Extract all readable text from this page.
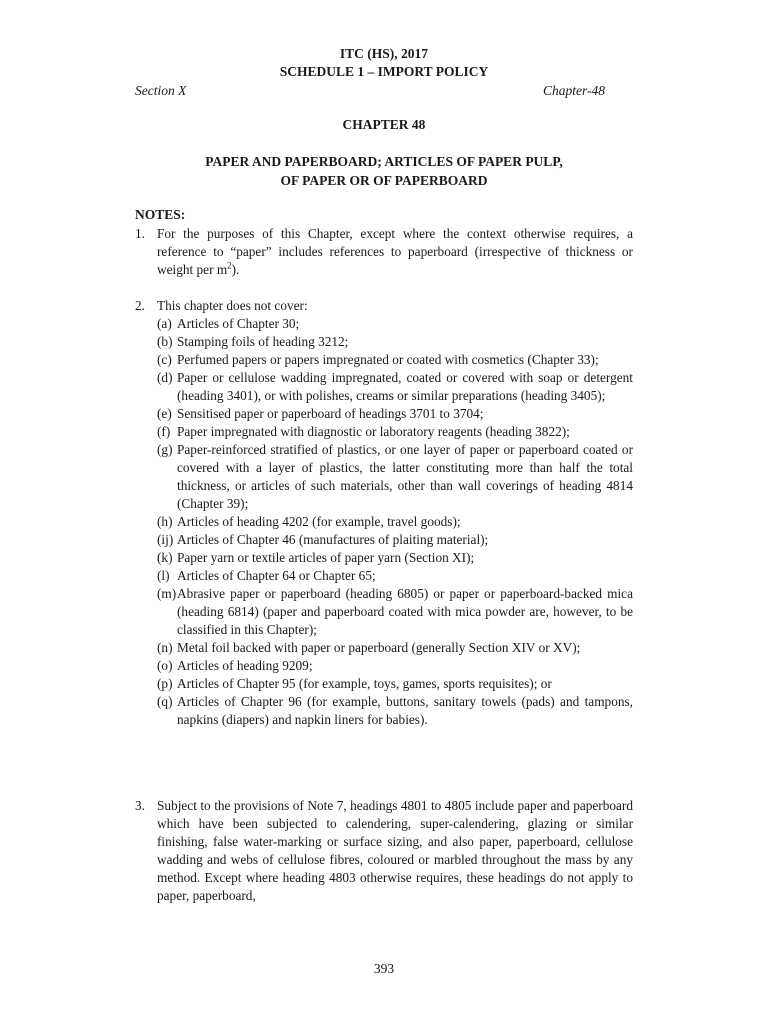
ITC (HS), 2017
SCHEDULE 1 – IMPORT POLICY
Section X	Chapter-48
CHAPTER 48
PAPER AND PAPERBOARD; ARTICLES OF PAPER PULP,
OF PAPER OR OF PAPERBOARD
NOTES:
1. For the purposes of this Chapter, except where the context otherwise requires, a reference to “paper” includes references to paperboard (irrespective of thickness or weight per $m^2$).
2. This chapter does not cover:
(a) Articles of Chapter 30;
(b) Stamping foils of heading 3212;
(c) Perfumed papers or papers impregnated or coated with cosmetics (Chapter 33);
(d) Paper or cellulose wadding impregnated, coated or covered with soap or detergent (heading 3401), or with polishes, creams or similar preparations (heading 3405);
(e) Sensitised paper or paperboard of headings 3701 to 3704;
(f) Paper impregnated with diagnostic or laboratory reagents (heading 3822);
(g) Paper-reinforced stratified of plastics, or one layer of paper or paperboard coated or covered with a layer of plastics, the latter constituting more than half the total thickness, or articles of such materials, other than wall coverings of heading 4814 (Chapter 39);
(h) Articles of heading 4202 (for example, travel goods);
(ij) Articles of Chapter 46 (manufactures of plaiting material);
(k) Paper yarn or textile articles of paper yarn (Section XI);
(l) Articles of Chapter 64 or Chapter 65;
(m) Abrasive paper or paperboard (heading 6805) or paper or paperboard-backed mica (heading 6814) (paper and paperboard coated with mica powder are, however, to be classified in this Chapter);
(n) Metal foil backed with paper or paperboard (generally Section XIV or XV);
(o) Articles of heading 9209;
(p) Articles of Chapter 95 (for example, toys, games, sports requisites); or
(q) Articles of Chapter 96 (for example, buttons, sanitary towels (pads) and tampons, napkins (diapers) and napkin liners for babies).
3. Subject to the provisions of Note 7, headings 4801 to 4805 include paper and paperboard which have been subjected to calendering, super-calendering, glazing or similar finishing, false water-marking or surface sizing, and also paper, paperboard, cellulose wadding and webs of cellulose fibres, coloured or marbled throughout the mass by any method. Except where heading 4803 otherwise requires, these headings do not apply to paper, paperboard,
393
